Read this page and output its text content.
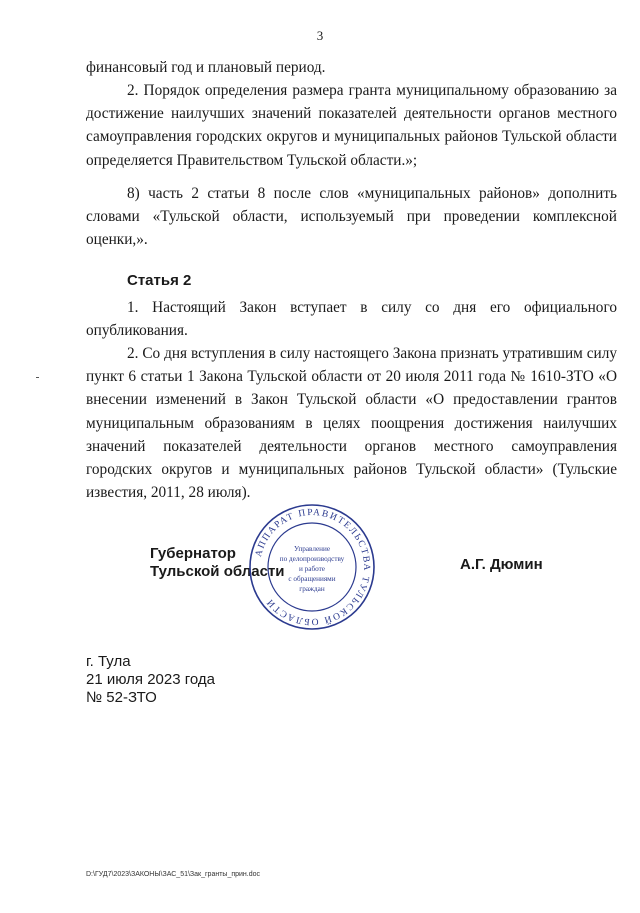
3

финансовый год и плановый период.

2. Порядок определения размера гранта муниципальному образованию за достижение наилучших значений показателей деятельности органов местного самоуправления городских округов и муниципальных районов Тульской области определяется Правительством Тульской области.»;

8) часть 2 статьи 8 после слов «муниципальных районов» дополнить словами «Тульской области, используемый при проведении комплексной оценки,».

Статья 2

1. Настоящий Закон вступает в силу со дня его официального опубликования.

2. Со дня вступления в силу настоящего Закона признать утратившим силу пункт 6 статьи 1 Закона Тульской области от 20 июля 2011 года № 1610-ЗТО «О внесении изменений в Закон Тульской области «О предоставлении грантов муниципальным образованиям в целях поощрения достижения наилучших значений показателей деятельности органов местного самоуправления городских округов и муниципальных районов Тульской области» (Тульские известия, 2011, 28 июля).

Губернатор
Тульской области	А.Г. Дюмин
АППАРАТ ПРАВИТЕЛЬСТВА ТУЛЬСКОЙ ОБЛАСТИ
Управление
по делопроизводству
и работе
с обращениями
граждан
г. Тула
21 июля 2023 года
№ 52-ЗТО
D:\ГУД7\2023\ЗАКОНЫ\ЗАС_51\Зак_гранты_прин.doc
